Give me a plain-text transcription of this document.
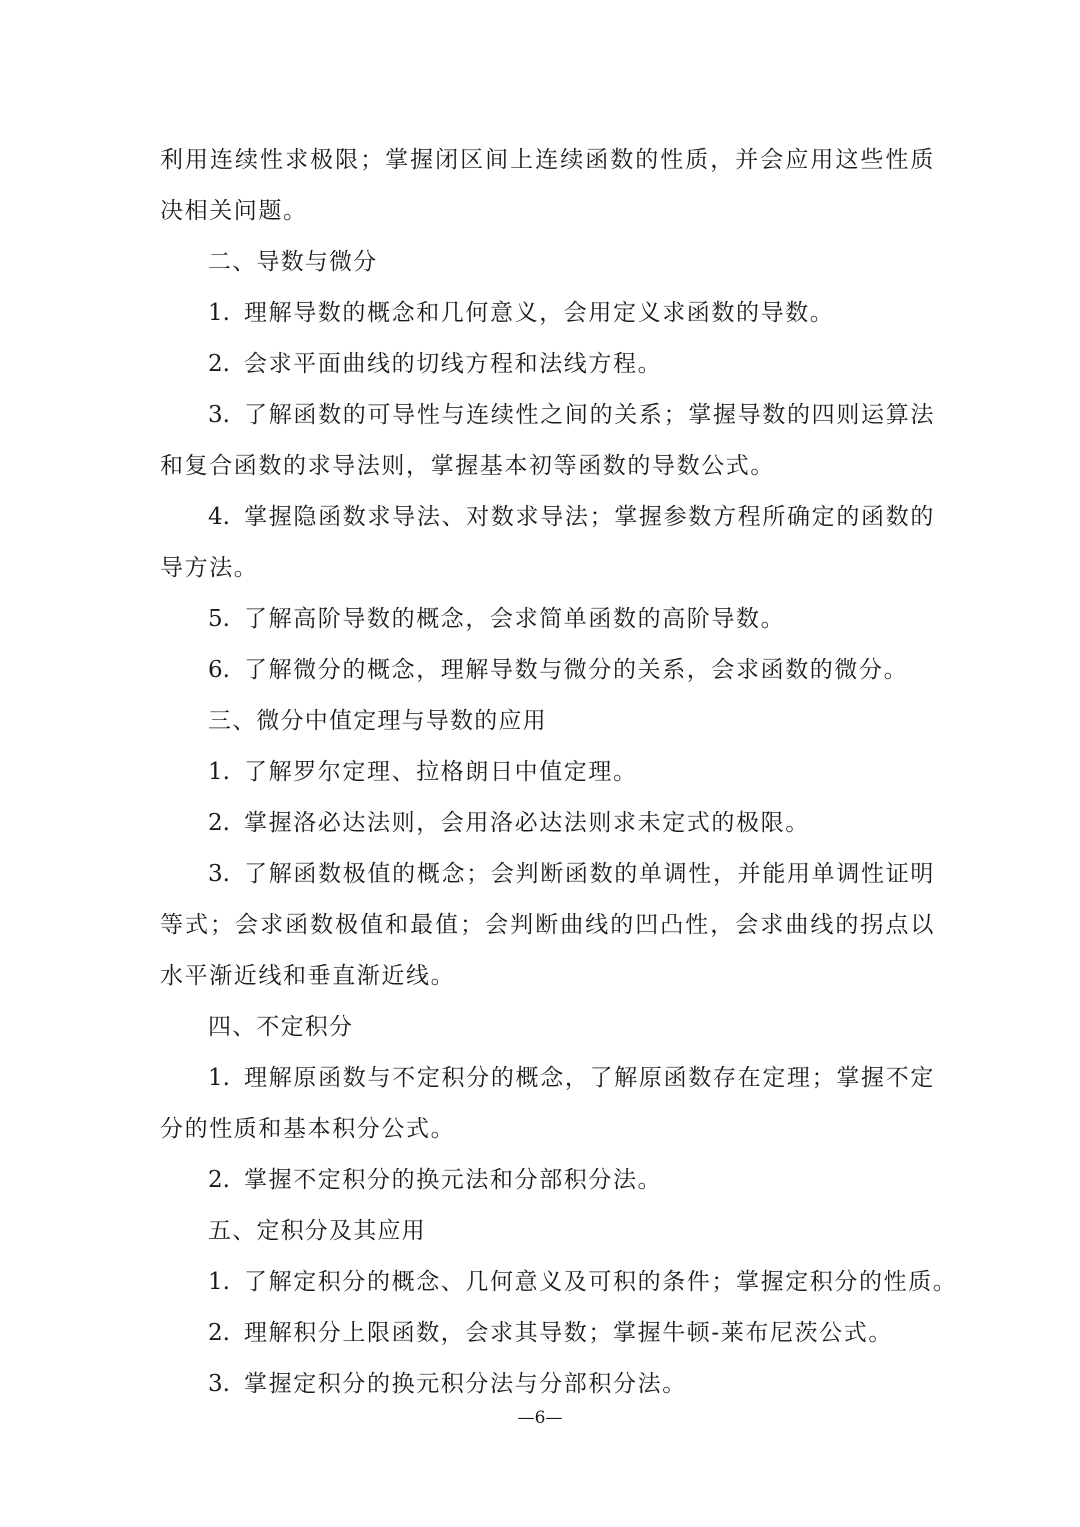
利用连续性求极限；掌握闭区间上连续函数的性质，并会应用这些性质
决相关问题。
二、导数与微分
1. 理解导数的概念和几何意义，会用定义求函数的导数。
2. 会求平面曲线的切线方程和法线方程。
3. 了解函数的可导性与连续性之间的关系；掌握导数的四则运算法
和复合函数的求导法则，掌握基本初等函数的导数公式。
4. 掌握隐函数求导法、对数求导法；掌握参数方程所确定的函数的
导方法。
5. 了解高阶导数的概念，会求简单函数的高阶导数。
6. 了解微分的概念，理解导数与微分的关系，会求函数的微分。
三、微分中值定理与导数的应用
1. 了解罗尔定理、拉格朗日中值定理。
2. 掌握洛必达法则，会用洛必达法则求未定式的极限。
3. 了解函数极值的概念；会判断函数的单调性，并能用单调性证明
等式；会求函数极值和最值；会判断曲线的凹凸性，会求曲线的拐点以
水平渐近线和垂直渐近线。
四、不定积分
1. 理解原函数与不定积分的概念，了解原函数存在定理；掌握不定
分的性质和基本积分公式。
2. 掌握不定积分的换元法和分部积分法。
五、定积分及其应用
1. 了解定积分的概念、几何意义及可积的条件；掌握定积分的性质。
2. 理解积分上限函数，会求其导数；掌握牛顿-莱布尼茨公式。
3. 掌握定积分的换元积分法与分部积分法。
—6—
